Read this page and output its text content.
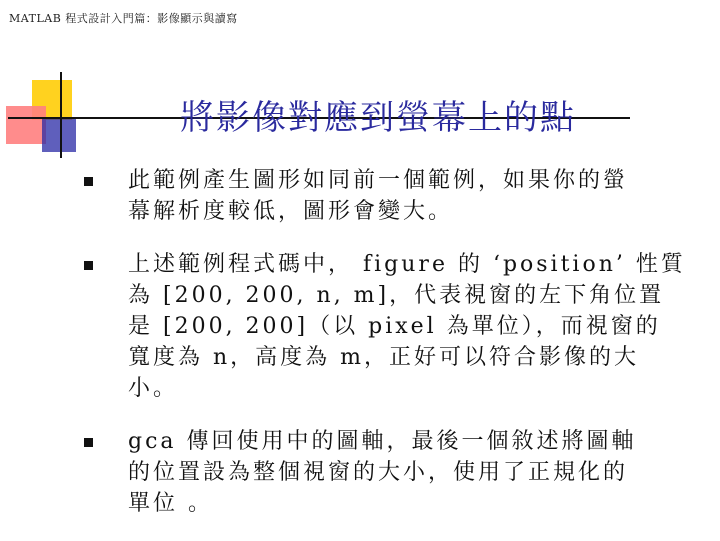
MATLAB 程式設計入門篇：影像顯示與讀寫
將影像對應到螢幕上的點
此範例產生圖形如同前一個範例，如果你的螢
幕解析度較低，圖形會變大。
上述範例程式碼中， figure 的 ‘position’ 性質
為 [200, 200, n, m]，代表視窗的左下角位置
是 [200, 200]（以 pixel 為單位），而視窗的
寬度為 n，高度為 m，正好可以符合影像的大
小。
gca 傳回使用中的圖軸，最後一個敘述將圖軸
的位置設為整個視窗的大小，使用了正規化的
單位 。
